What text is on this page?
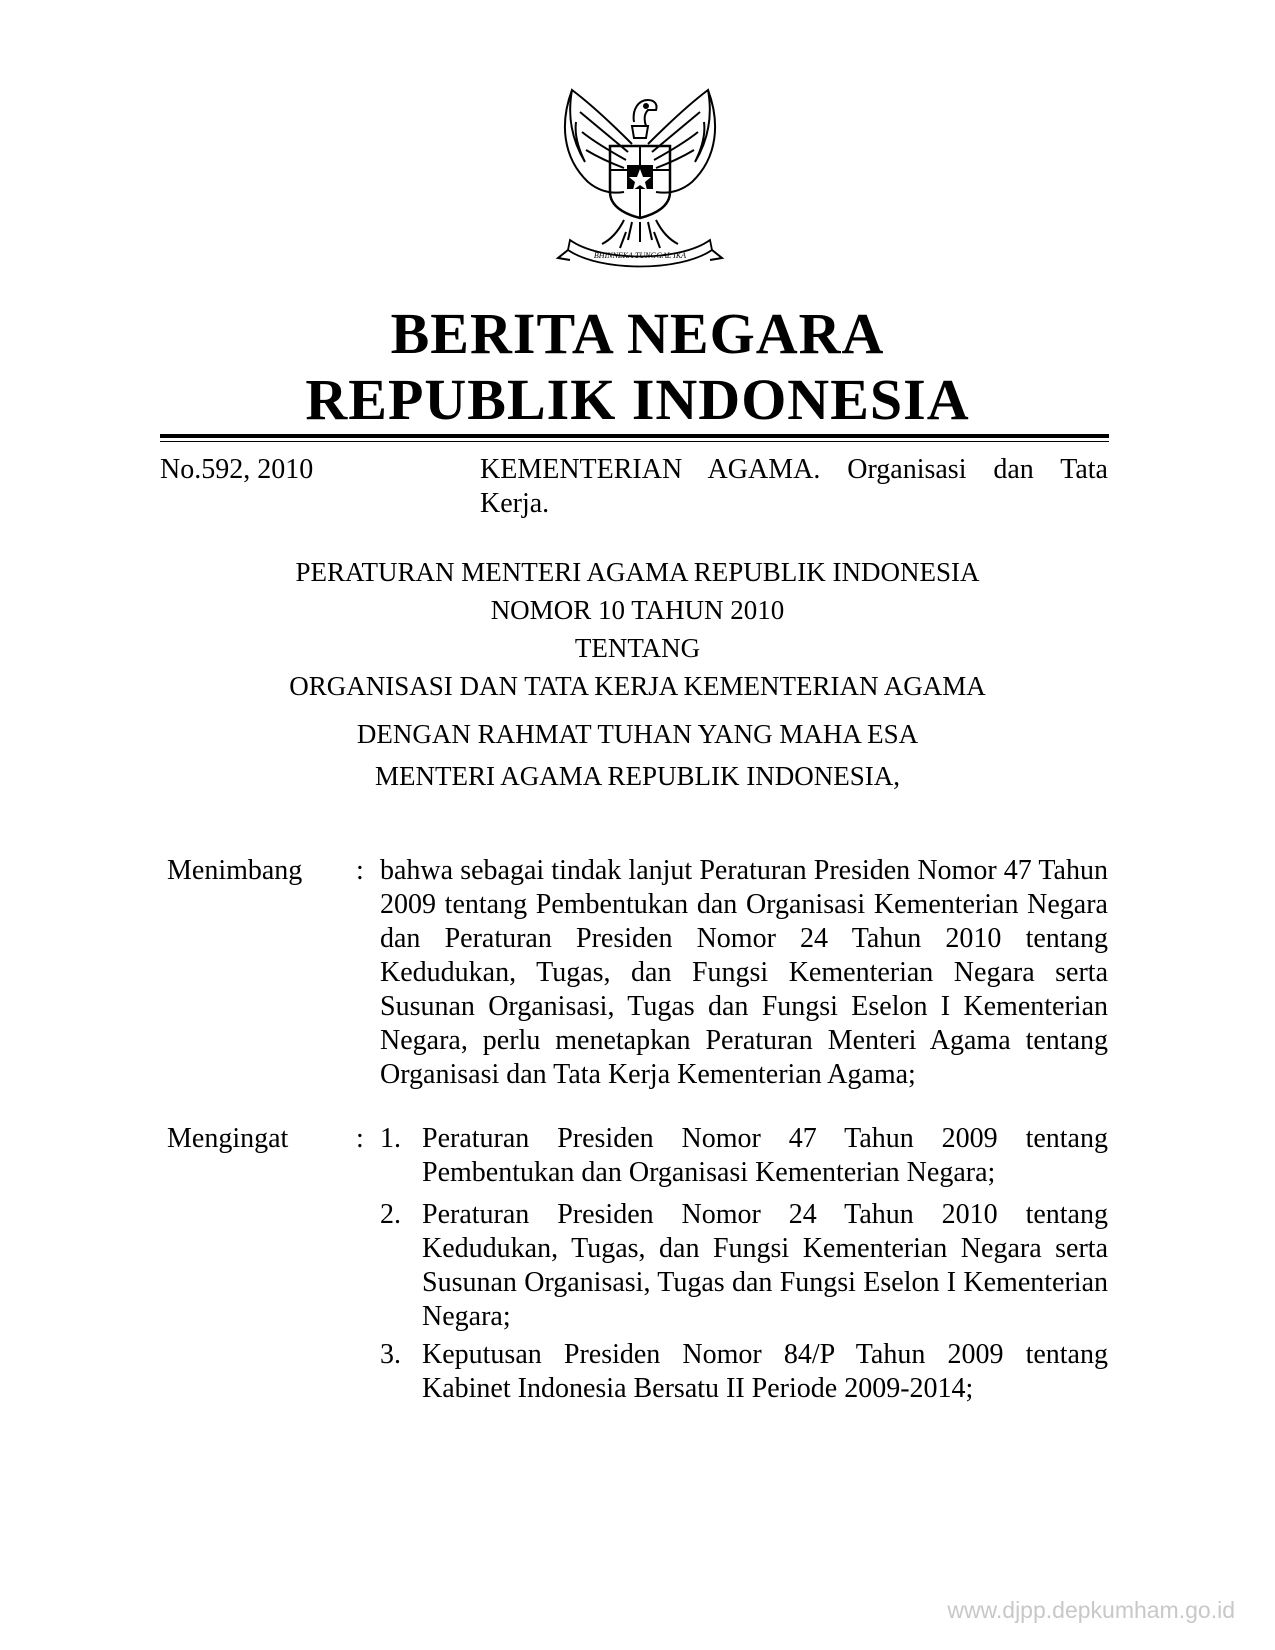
BHINNEKA TUNGGAL IKA
BERITA NEGARA
REPUBLIK INDONESIA
No.592, 2010	KEMENTERIAN AGAMA. Organisasi dan Tata
Kerja.
PERATURAN MENTERI AGAMA REPUBLIK INDONESIA
NOMOR 10 TAHUN 2010
TENTANG
ORGANISASI DAN TATA KERJA KEMENTERIAN AGAMA
DENGAN RAHMAT TUHAN YANG MAHA ESA
MENTERI AGAMA REPUBLIK INDONESIA,
Menimbang : bahwa sebagai tindak lanjut Peraturan Presiden Nomor 47 Tahun 2009 tentang Pembentukan dan Organisasi Kementerian Negara dan Peraturan Presiden Nomor 24 Tahun 2010 tentang Kedudukan, Tugas, dan Fungsi Kementerian Negara serta Susunan Organisasi, Tugas dan Fungsi Eselon I Kementerian Negara, perlu menetapkan Peraturan Menteri Agama tentang Organisasi dan Tata Kerja Kementerian Agama;
Mengingat : 1. Peraturan Presiden Nomor 47 Tahun 2009 tentang Pembentukan dan Organisasi Kementerian Negara;
2. Peraturan Presiden Nomor 24 Tahun 2010 tentang Kedudukan, Tugas, dan Fungsi Kementerian Negara serta Susunan Organisasi, Tugas dan Fungsi Eselon I Kementerian Negara;
3. Keputusan Presiden Nomor 84/P Tahun 2009 tentang Kabinet Indonesia Bersatu II Periode 2009-2014;
www.djpp.depkumham.go.id
